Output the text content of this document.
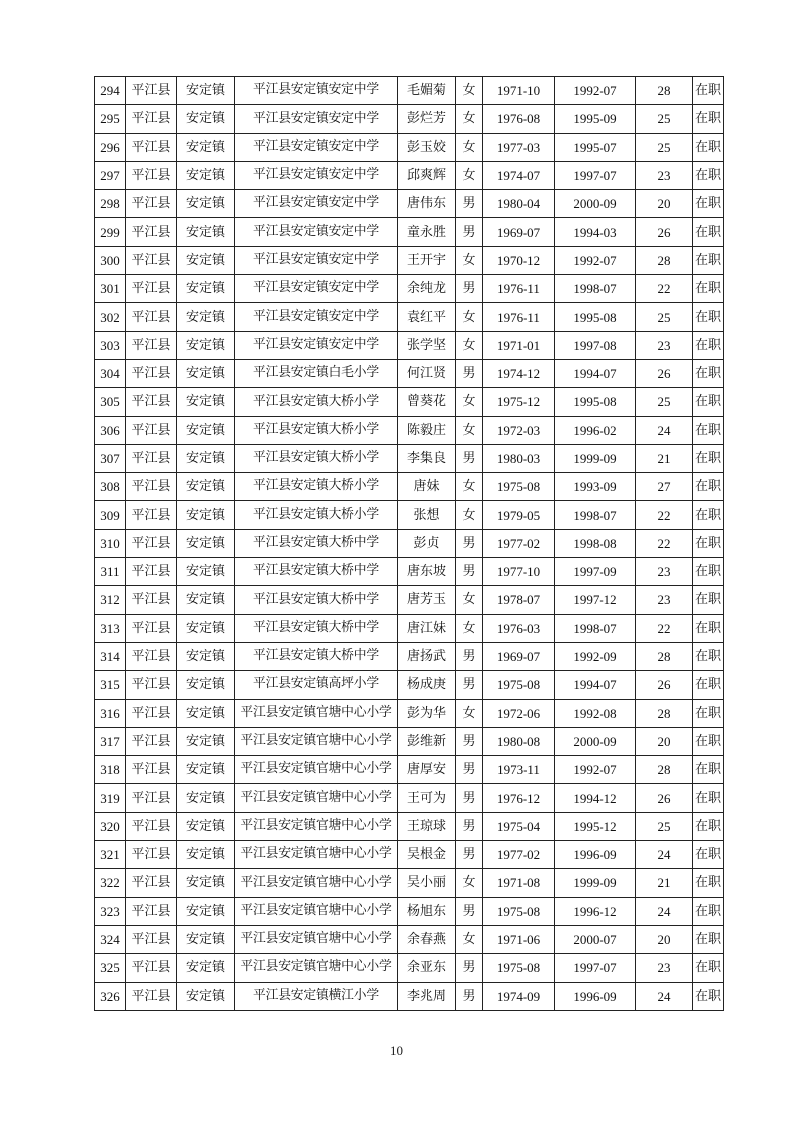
294	平江县	安定镇	平江县安定镇安定中学	毛媚菊	女	1971-10	1992-07	28	在职
295	平江县	安定镇	平江县安定镇安定中学	彭烂芳	女	1976-08	1995-09	25	在职
296	平江县	安定镇	平江县安定镇安定中学	彭玉姣	女	1977-03	1995-07	25	在职
297	平江县	安定镇	平江县安定镇安定中学	邱爽辉	女	1974-07	1997-07	23	在职
298	平江县	安定镇	平江县安定镇安定中学	唐伟东	男	1980-04	2000-09	20	在职
299	平江县	安定镇	平江县安定镇安定中学	童永胜	男	1969-07	1994-03	26	在职
300	平江县	安定镇	平江县安定镇安定中学	王开宇	女	1970-12	1992-07	28	在职
301	平江县	安定镇	平江县安定镇安定中学	余纯龙	男	1976-11	1998-07	22	在职
302	平江县	安定镇	平江县安定镇安定中学	袁红平	女	1976-11	1995-08	25	在职
303	平江县	安定镇	平江县安定镇安定中学	张学坚	女	1971-01	1997-08	23	在职
304	平江县	安定镇	平江县安定镇白毛小学	何江贤	男	1974-12	1994-07	26	在职
305	平江县	安定镇	平江县安定镇大桥小学	曾葵花	女	1975-12	1995-08	25	在职
306	平江县	安定镇	平江县安定镇大桥小学	陈毅庄	女	1972-03	1996-02	24	在职
307	平江县	安定镇	平江县安定镇大桥小学	李集良	男	1980-03	1999-09	21	在职
308	平江县	安定镇	平江县安定镇大桥小学	唐妹	女	1975-08	1993-09	27	在职
309	平江县	安定镇	平江县安定镇大桥小学	张想	女	1979-05	1998-07	22	在职
310	平江县	安定镇	平江县安定镇大桥中学	彭贞	男	1977-02	1998-08	22	在职
311	平江县	安定镇	平江县安定镇大桥中学	唐东坡	男	1977-10	1997-09	23	在职
312	平江县	安定镇	平江县安定镇大桥中学	唐芳玉	女	1978-07	1997-12	23	在职
313	平江县	安定镇	平江县安定镇大桥中学	唐江妹	女	1976-03	1998-07	22	在职
314	平江县	安定镇	平江县安定镇大桥中学	唐扬武	男	1969-07	1992-09	28	在职
315	平江县	安定镇	平江县安定镇高坪小学	杨成庚	男	1975-08	1994-07	26	在职
316	平江县	安定镇	平江县安定镇官塘中心小学	彭为华	女	1972-06	1992-08	28	在职
317	平江县	安定镇	平江县安定镇官塘中心小学	彭维新	男	1980-08	2000-09	20	在职
318	平江县	安定镇	平江县安定镇官塘中心小学	唐厚安	男	1973-11	1992-07	28	在职
319	平江县	安定镇	平江县安定镇官塘中心小学	王可为	男	1976-12	1994-12	26	在职
320	平江县	安定镇	平江县安定镇官塘中心小学	王琼球	男	1975-04	1995-12	25	在职
321	平江县	安定镇	平江县安定镇官塘中心小学	吴根金	男	1977-02	1996-09	24	在职
322	平江县	安定镇	平江县安定镇官塘中心小学	吴小丽	女	1971-08	1999-09	21	在职
323	平江县	安定镇	平江县安定镇官塘中心小学	杨旭东	男	1975-08	1996-12	24	在职
324	平江县	安定镇	平江县安定镇官塘中心小学	余春燕	女	1971-06	2000-07	20	在职
325	平江县	安定镇	平江县安定镇官塘中心小学	余亚东	男	1975-08	1997-07	23	在职
326	平江县	安定镇	平江县安定镇横江小学	李兆周	男	1974-09	1996-09	24	在职
10
